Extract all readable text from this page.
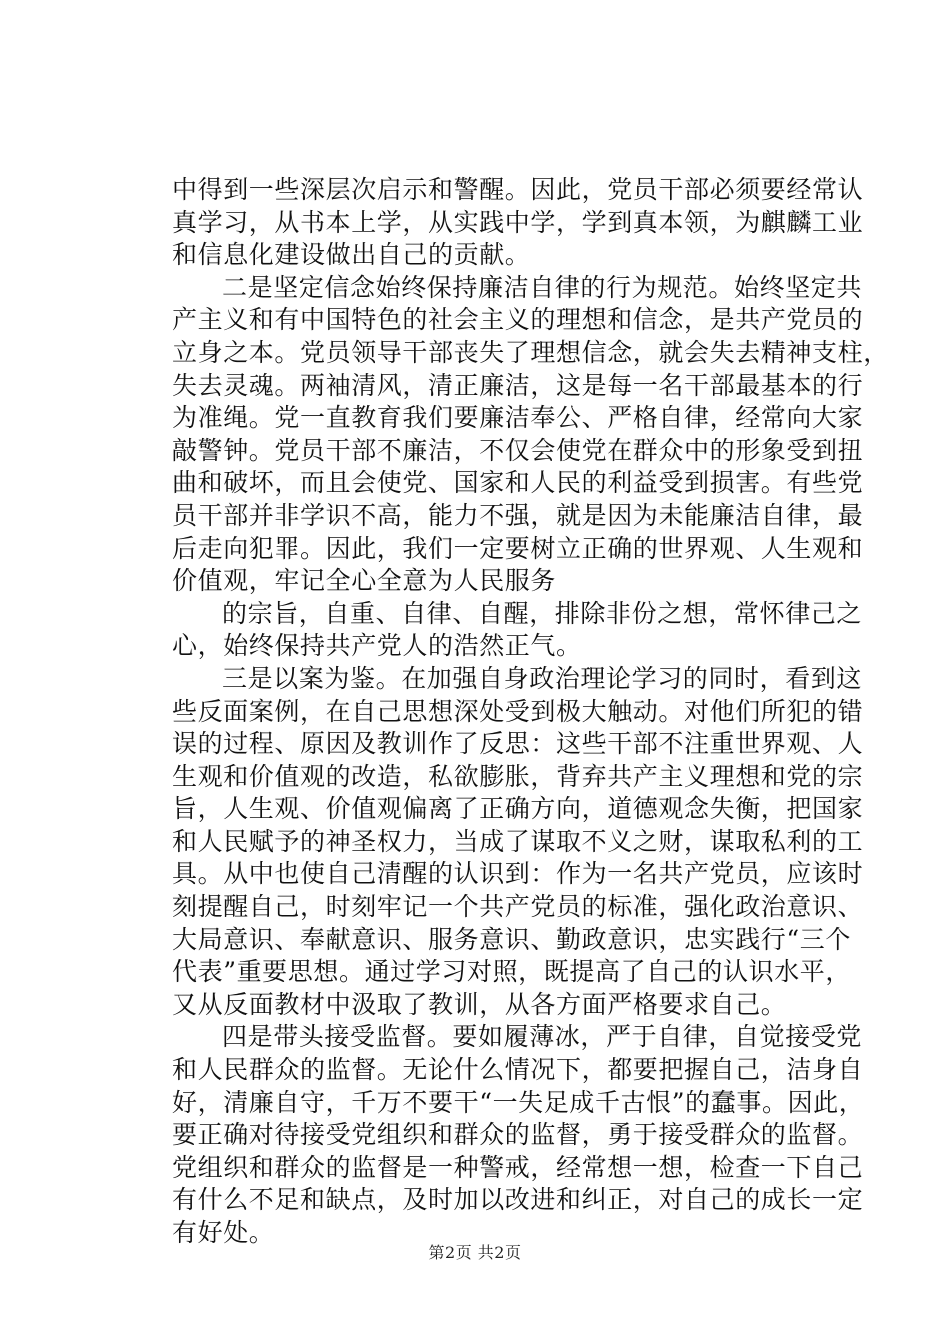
中得到一些深层次启示和警醒。因此，党员干部必须要经常认
真学习，从书本上学，从实践中学，学到真本领，为麒麟工业
和信息化建设做出自己的贡献。
二是坚定信念始终保持廉洁自律的行为规范。始终坚定共
产主义和有中国特色的社会主义的理想和信念，是共产党员的
立身之本。党员领导干部丧失了理想信念，就会失去精神支柱，
失去灵魂。两袖清风，清正廉洁，这是每一名干部最基本的行
为准绳。党一直教育我们要廉洁奉公、严格自律，经常向大家
敲警钟。党员干部不廉洁，不仅会使党在群众中的形象受到扭
曲和破坏，而且会使党、国家和人民的利益受到损害。有些党
员干部并非学识不高，能力不强，就是因为未能廉洁自律，最
后走向犯罪。因此，我们一定要树立正确的世界观、人生观和
价值观，牢记全心全意为人民服务
的宗旨，自重、自律、自醒，排除非份之想，常怀律己之
心，始终保持共产党人的浩然正气。
三是以案为鉴。在加强自身政治理论学习的同时，看到这
些反面案例，在自己思想深处受到极大触动。对他们所犯的错
误的过程、原因及教训作了反思：这些干部不注重世界观、人
生观和价值观的改造，私欲膨胀，背弃共产主义理想和党的宗
旨，人生观、价值观偏离了正确方向，道德观念失衡，把国家
和人民赋予的神圣权力，当成了谋取不义之财，谋取私利的工
具。从中也使自己清醒的认识到：作为一名共产党员，应该时
刻提醒自己，时刻牢记一个共产党员的标准，强化政治意识、
大局意识、奉献意识、服务意识、勤政意识，忠实践行“三个
代表”重要思想。通过学习对照，既提高了自己的认识水平，
又从反面教材中汲取了教训，从各方面严格要求自己。
四是带头接受监督。要如履薄冰，严于自律，自觉接受党
和人民群众的监督。无论什么情况下，都要把握自己，洁身自
好，清廉自守，千万不要干“一失足成千古恨”的蠢事。因此，
要正确对待接受党组织和群众的监督，勇于接受群众的监督。
党组织和群众的监督是一种警戒，经常想一想，检查一下自己
有什么不足和缺点，及时加以改进和纠正，对自己的成长一定
有好处。
第2页 共2页
